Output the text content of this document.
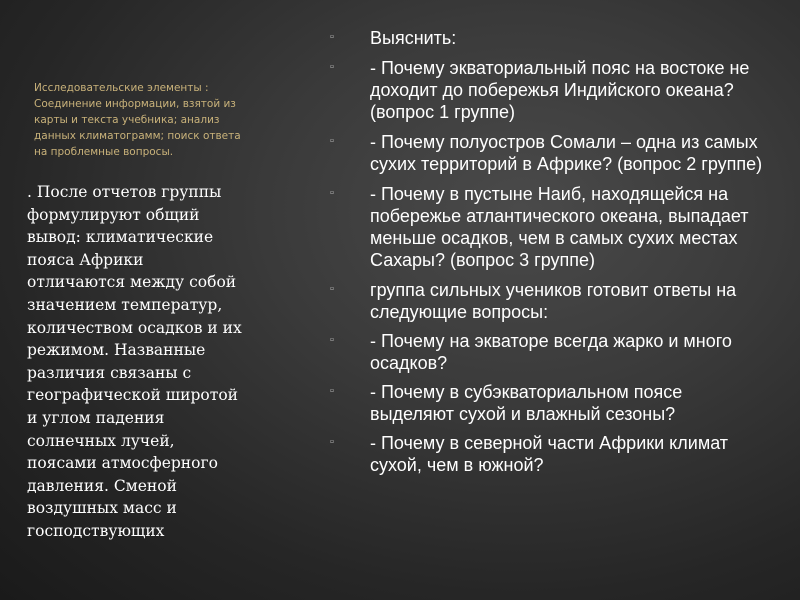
Исследовательские элементы : Соединение информации, взятой из карты и текста учебника; анализ данных климатограмм; поиск ответа на проблемные вопросы.
. После отчетов группы формулируют общий вывод: климатические пояса Африки отличаются между собой значением температур, количеством осадков и их режимом. Названные различия связаны с географической широтой и углом падения солнечных лучей, поясами атмосферного давления. Сменой воздушных масс и господствующих
▫	Выяснить:
▫	- Почему экваториальный пояс на востоке не доходит до побережья Индийского океана? (вопрос 1 группе)
▫	- Почему полуостров Сомали – одна из самых сухих территорий в Африке? (вопрос 2 группе)
▫	- Почему в пустыне Наиб, находящейся на побережье атлантического океана, выпадает меньше осадков, чем в самых сухих местах Сахары? (вопрос 3 группе)
▫	группа сильных учеников готовит ответы на следующие вопросы:
▫	- Почему на экваторе всегда жарко и много осадков?
▫	- Почему в субэкваториальном поясе выделяют сухой и влажный сезоны?
▫	- Почему в северной части Африки климат сухой, чем в южной?
